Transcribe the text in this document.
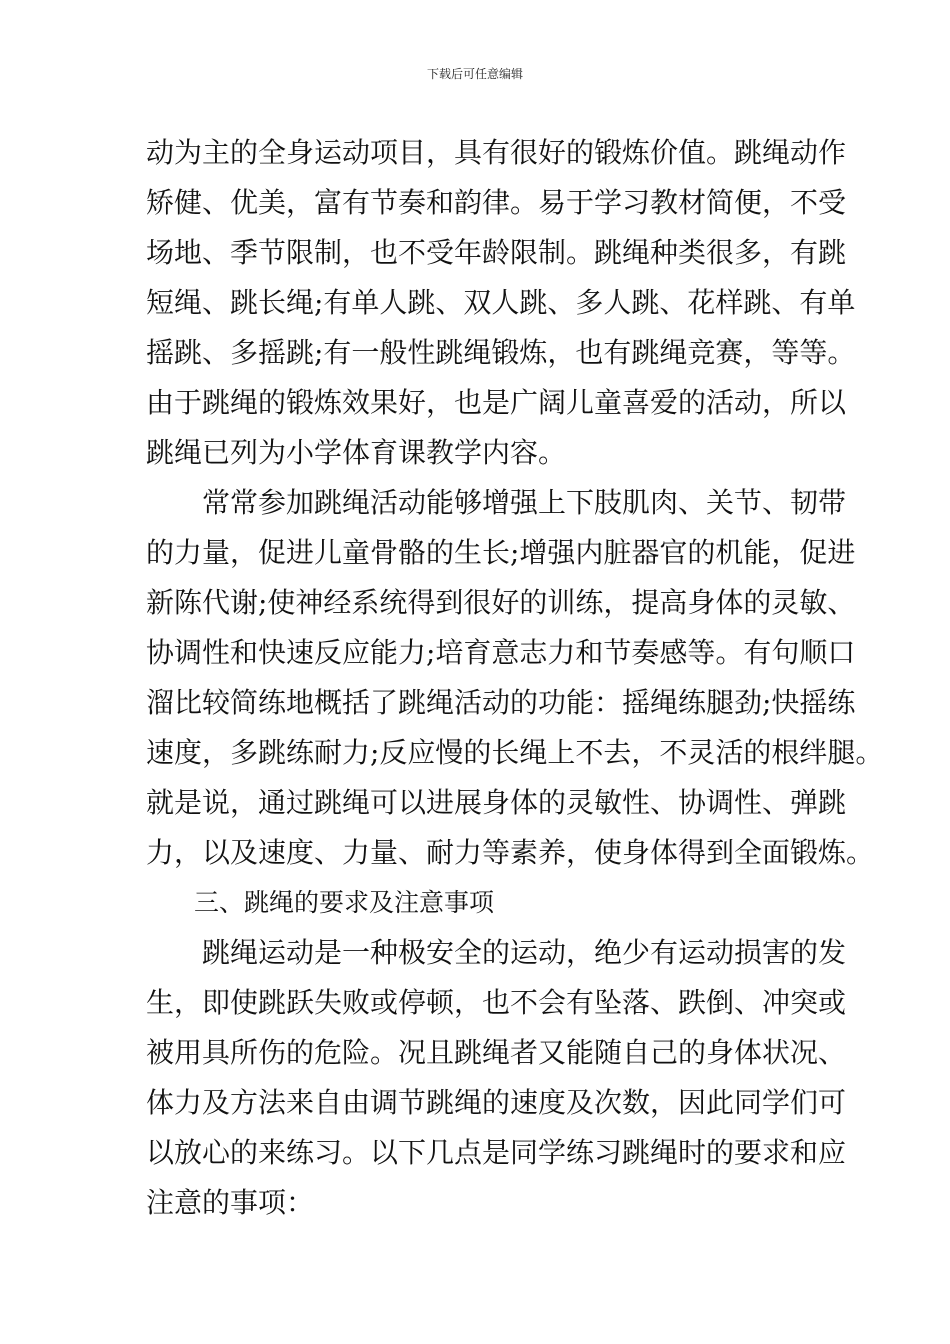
下载后可任意编辑
动为主的全身运动项目，具有很好的锻炼价值。跳绳动作
矫健、优美，富有节奏和韵律。易于学习教材简便，不受
场地、季节限制，也不受年龄限制。跳绳种类很多，有跳
短绳、跳长绳;有单人跳、双人跳、多人跳、花样跳、有单
摇跳、多摇跳;有一般性跳绳锻炼，也有跳绳竞赛，等等。
由于跳绳的锻炼效果好，也是广阔儿童喜爱的活动，所以
跳绳已列为小学体育课教学内容。
常常参加跳绳活动能够增强上下肢肌肉、关节、韧带
的力量，促进儿童骨骼的生长;增强内脏器官的机能，促进
新陈代谢;使神经系统得到很好的训练，提高身体的灵敏、
协调性和快速反应能力;培育意志力和节奏感等。有句顺口
溜比较简练地概括了跳绳活动的功能：摇绳练腿劲;快摇练
速度，多跳练耐力;反应慢的长绳上不去，不灵活的根绊腿。
就是说，通过跳绳可以进展身体的灵敏性、协调性、弹跳
力，以及速度、力量、耐力等素养，使身体得到全面锻炼。
三、跳绳的要求及注意事项
跳绳运动是一种极安全的运动，绝少有运动损害的发
生，即使跳跃失败或停顿，也不会有坠落、跌倒、冲突或
被用具所伤的危险。况且跳绳者又能随自己的身体状况、
体力及方法来自由调节跳绳的速度及次数，因此同学们可
以放心的来练习。以下几点是同学练习跳绳时的要求和应
注意的事项：
